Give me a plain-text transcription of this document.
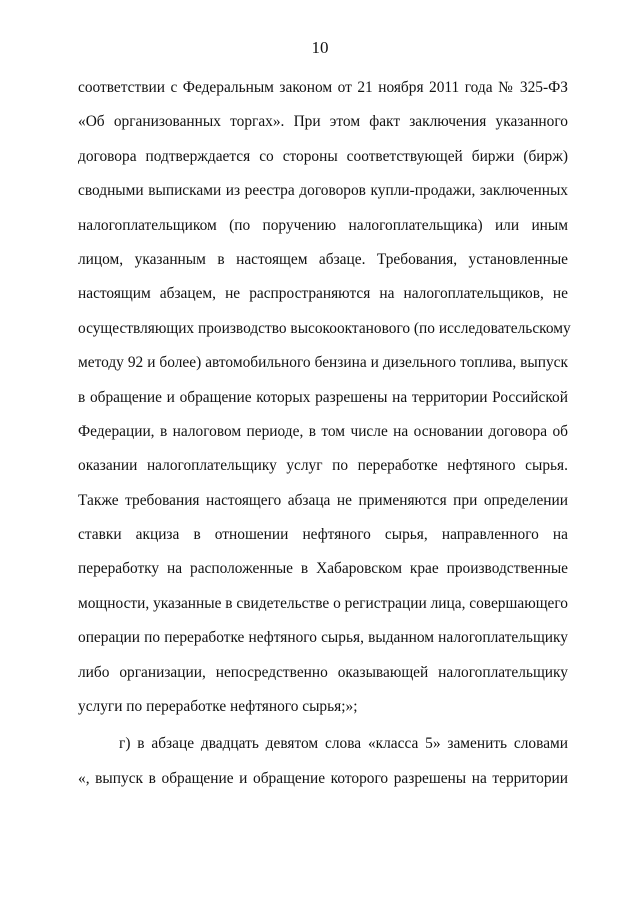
10
соответствии с Федеральным законом от 21 ноября 2011 года № 325-ФЗ
«Об организованных торгах». При этом факт заключения указанного
договора подтверждается со стороны соответствующей биржи (бирж)
сводными выписками из реестра договоров купли-продажи, заключенных
налогоплательщиком (по поручению налогоплательщика) или иным
лицом, указанным в настоящем абзаце. Требования, установленные
настоящим абзацем, не распространяются на налогоплательщиков, не
осуществляющих производство высокооктанового (по исследовательскому
методу 92 и более) автомобильного бензина и дизельного топлива, выпуск
в обращение и обращение которых разрешены на территории Российской
Федерации, в налоговом периоде, в том числе на основании договора об
оказании налогоплательщику услуг по переработке нефтяного сырья.
Также требования настоящего абзаца не применяются при определении
ставки акциза в отношении нефтяного сырья, направленного на
переработку на расположенные в Хабаровском крае производственные
мощности, указанные в свидетельстве о регистрации лица, совершающего
операции по переработке нефтяного сырья, выданном налогоплательщику
либо организации, непосредственно оказывающей налогоплательщику
услуги по переработке нефтяного сырья;»;
г) в абзаце двадцать девятом слова «класса 5» заменить словами
«, выпуск в обращение и обращение которого разрешены на территории
